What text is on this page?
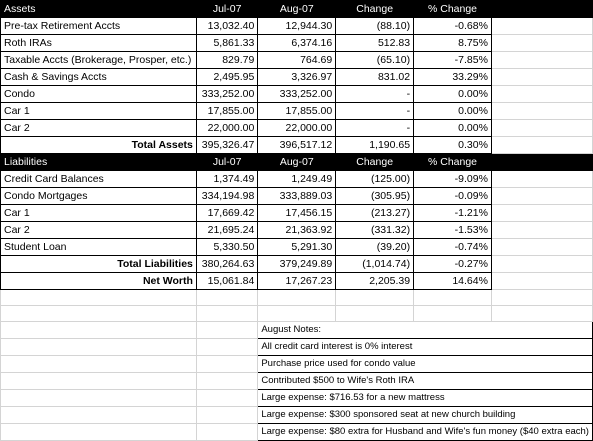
Assets	Jul-07	Aug-07	Change	% Change	
Pre-tax Retirement Accts	13,032.40	12,944.30	(88.10)	-0.68%	
Roth IRAs	5,861.33	6,374.16	512.83	8.75%	
Taxable Accts (Brokerage, Prosper, etc.)	829.79	764.69	(65.10)	-7.85%	
Cash & Savings Accts	2,495.95	3,326.97	831.02	33.29%	
Condo	333,252.00	333,252.00	-	0.00%	
Car 1	17,855.00	17,855.00	-	0.00%	
Car 2	22,000.00	22,000.00	-	0.00%	
Total Assets	395,326.47	396,517.12	1,190.65	0.30%	
Liabilities	Jul-07	Aug-07	Change	% Change	
Credit Card Balances	1,374.49	1,249.49	(125.00)	-9.09%	
Condo Mortgages	334,194.98	333,889.03	(305.95)	-0.09%	
Car 1	17,669.42	17,456.15	(213.27)	-1.21%	
Car 2	21,695.24	21,363.92	(331.32)	-1.53%	
Student Loan	5,330.50	5,291.30	(39.20)	-0.74%	
Total Liabilities	380,264.63	379,249.89	(1,014.74)	-0.27%	
Net Worth	15,061.84	17,267.23	2,205.39	14.64%	

		August Notes:			
		All credit card interest is 0% interest			
		Purchase price used for condo value			
		Contributed $500 to Wife's Roth IRA			
		Large expense: $716.53 for a new mattress			
		Large expense: $300 sponsored seat at new church building			
		Large expense: $80 extra for Husband and Wife's fun money ($40 extra each)			
